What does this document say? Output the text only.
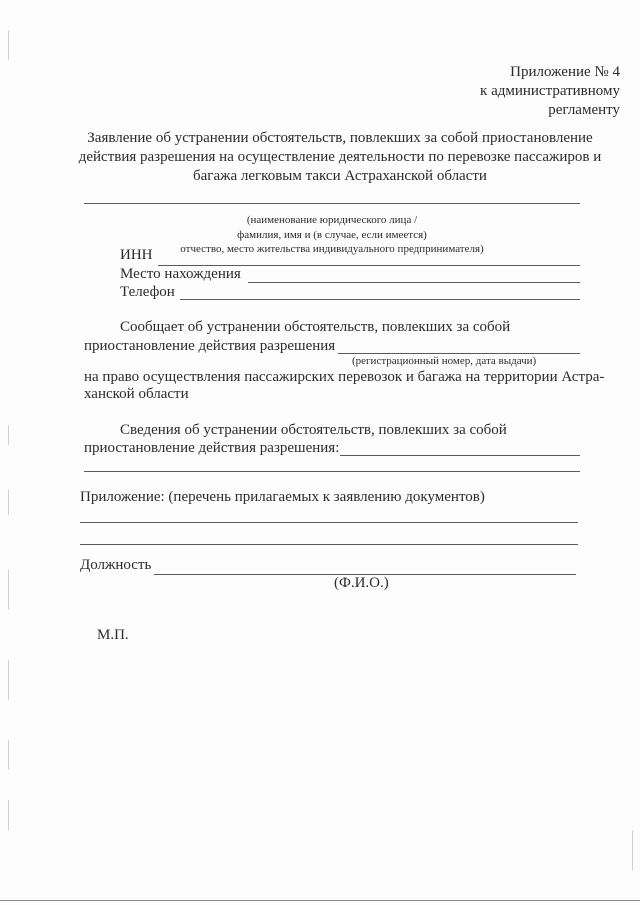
Приложение № 4
к административному
регламенту
Заявление об устранении обстоятельств, повлекших за собой приостановление
действия разрешения на осуществление деятельности по перевозке пассажиров и
багажа легковым такси Астраханской области
(наименование юридического лица /
фамилия, имя и (в случае, если имеется)
отчество, место жительства индивидуального предпринимателя)
ИНН
Место нахождения
Телефон
Сообщает об устранении обстоятельств, повлекших за собой
приостановление действия разрешения
(регистрационный номер, дата выдачи)
на право осуществления пассажирских перевозок и багажа на территории Астра-
ханской области
Сведения об устранении обстоятельств, повлекших за собой
приостановление действия разрешения:
Приложение: (перечень прилагаемых к заявлению документов)
Должность
(Ф.И.О.)
М.П.
